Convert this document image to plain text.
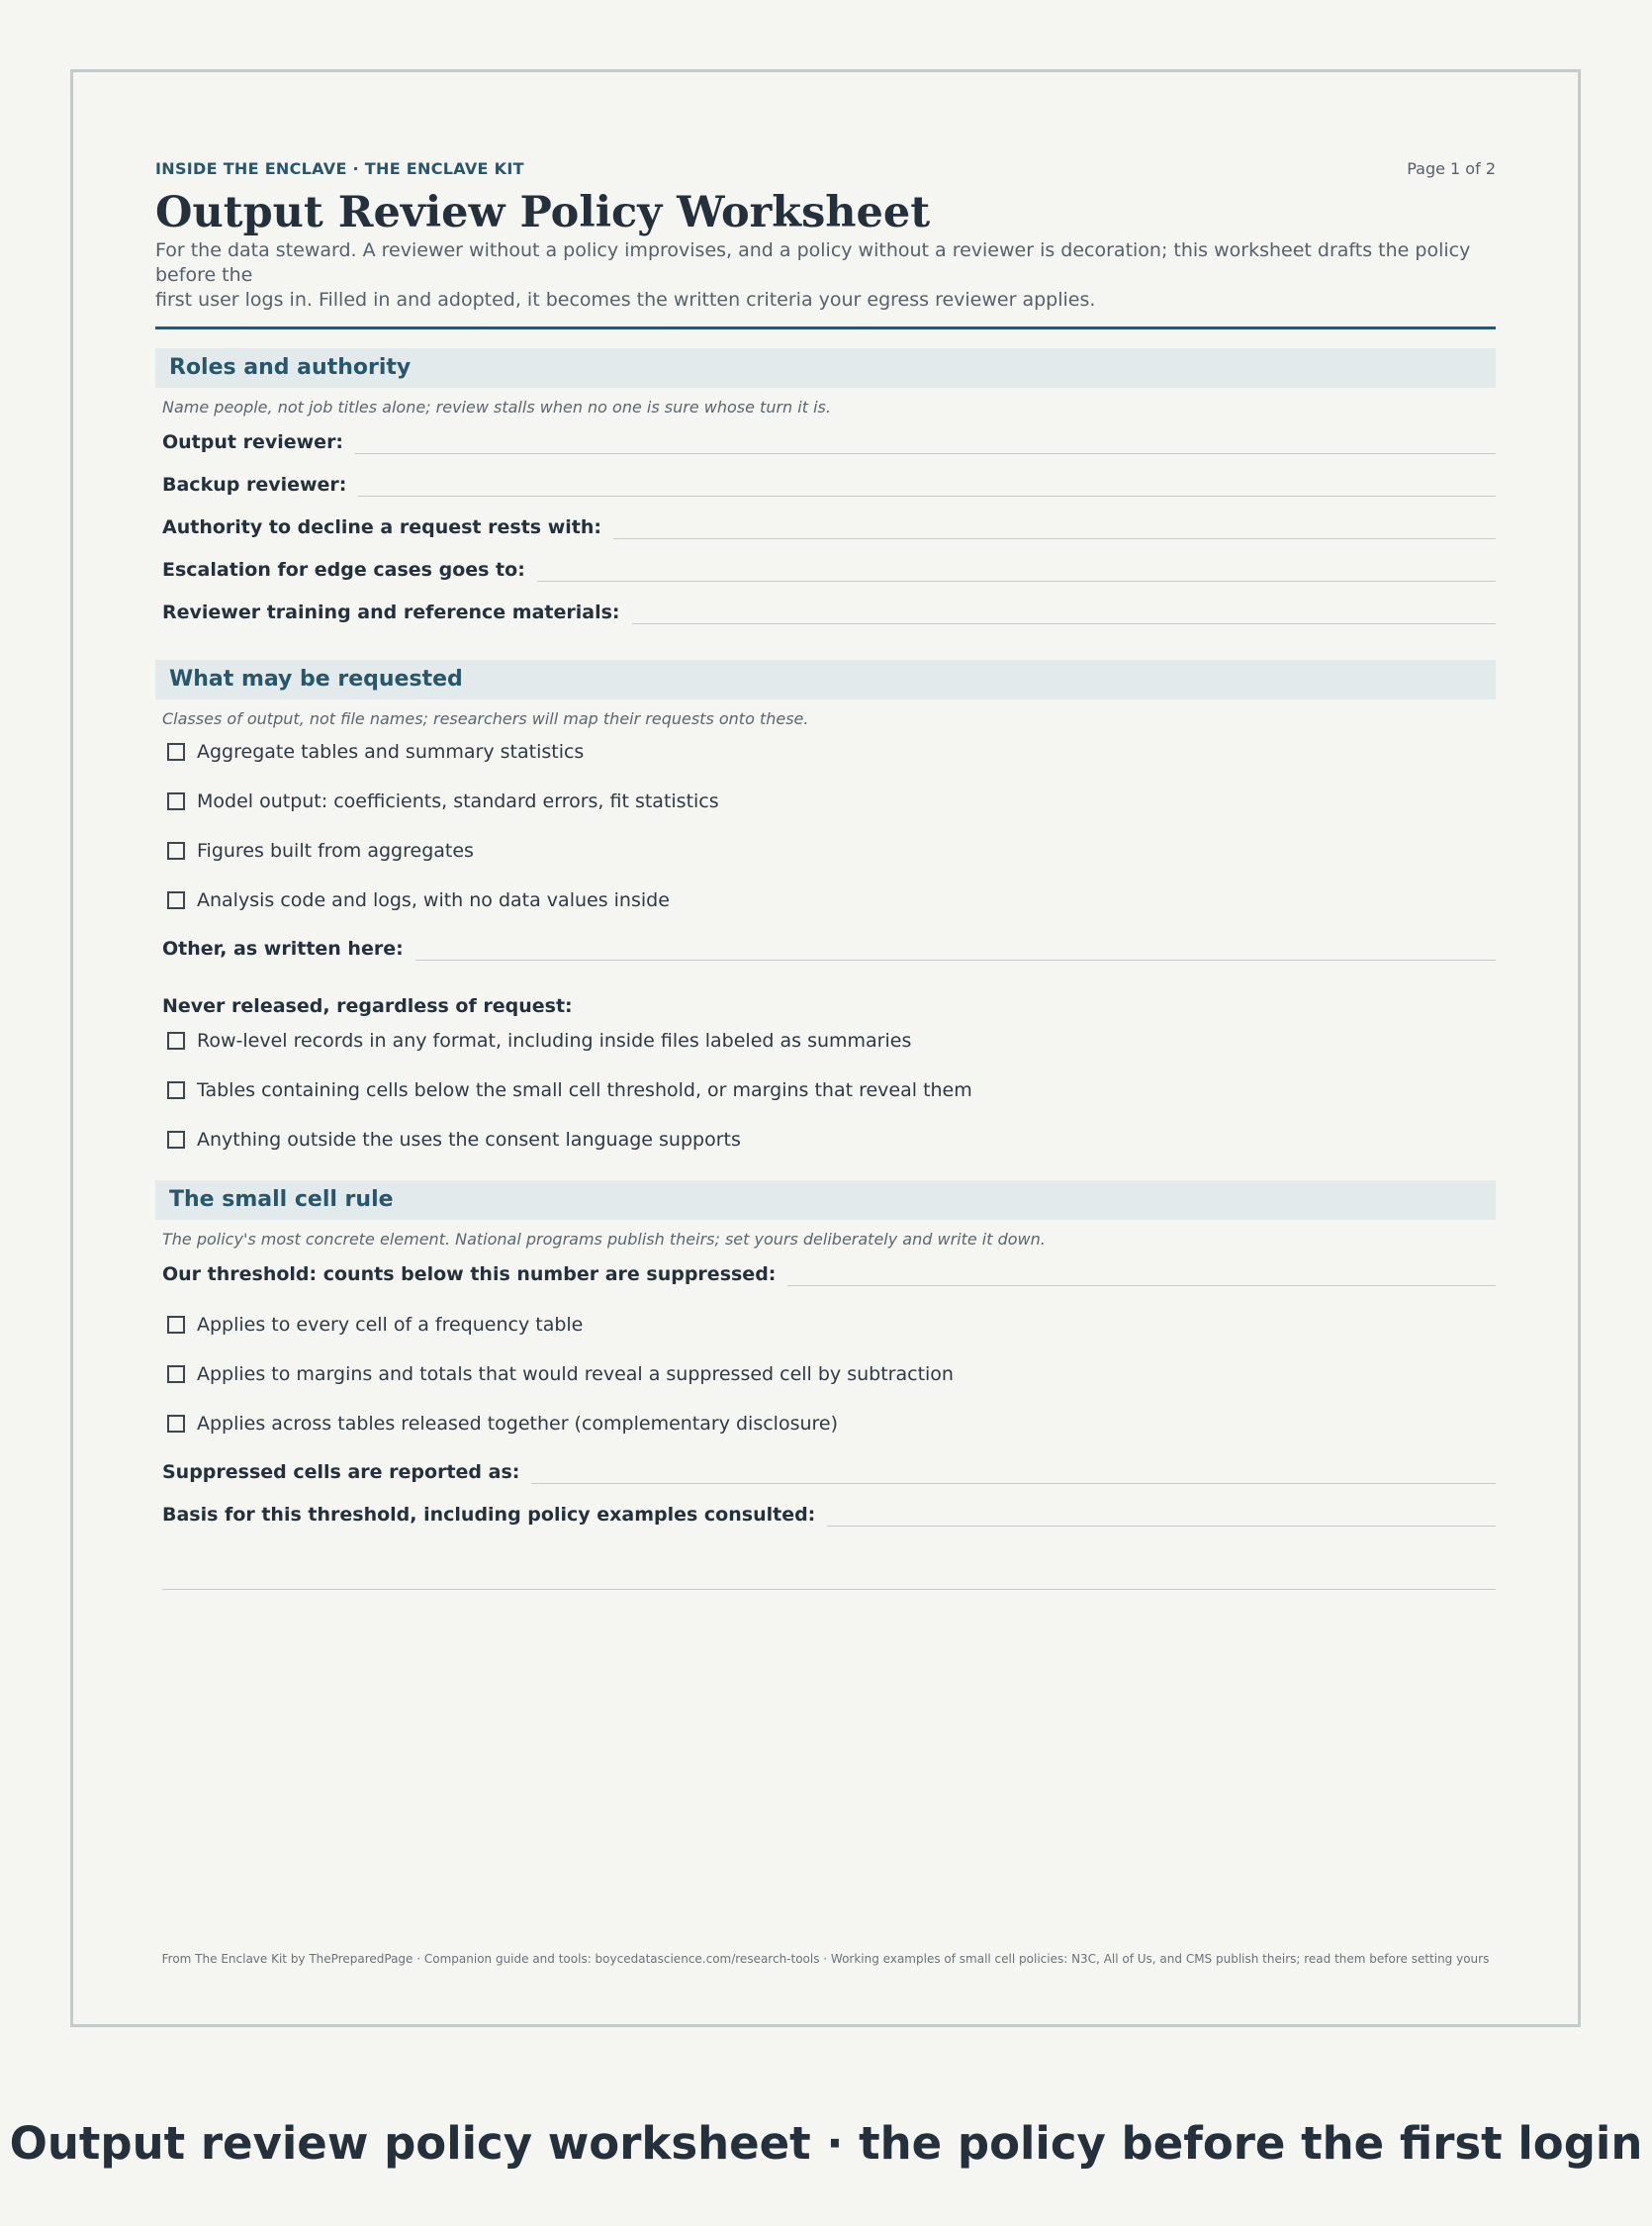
INSIDE THE ENCLAVE · THE ENCLAVE KIT	Page 1 of 2
Output Review Policy Worksheet
For the data steward. A reviewer without a policy improvises, and a policy without a reviewer is decoration; this worksheet drafts the policy before the
first user logs in. Filled in and adopted, it becomes the written criteria your egress reviewer applies.
Roles and authority
Name people, not job titles alone; review stalls when no one is sure whose turn it is.
Output reviewer:
Backup reviewer:
Authority to decline a request rests with:
Escalation for edge cases goes to:
Reviewer training and reference materials:
What may be requested
Classes of output, not file names; researchers will map their requests onto these.
Aggregate tables and summary statistics
Model output: coefficients, standard errors, fit statistics
Figures built from aggregates
Analysis code and logs, with no data values inside
Other, as written here:
Never released, regardless of request:
Row-level records in any format, including inside files labeled as summaries
Tables containing cells below the small cell threshold, or margins that reveal them
Anything outside the uses the consent language supports
The small cell rule
The policy's most concrete element. National programs publish theirs; set yours deliberately and write it down.
Our threshold: counts below this number are suppressed:
Applies to every cell of a frequency table
Applies to margins and totals that would reveal a suppressed cell by subtraction
Applies across tables released together (complementary disclosure)
Suppressed cells are reported as:
Basis for this threshold, including policy examples consulted:
From The Enclave Kit by ThePreparedPage · Companion guide and tools: boycedatascience.com/research-tools · Working examples of small cell policies: N3C, All of Us, and CMS publish theirs; read them before setting yours
Output review policy worksheet · the policy before the first login
